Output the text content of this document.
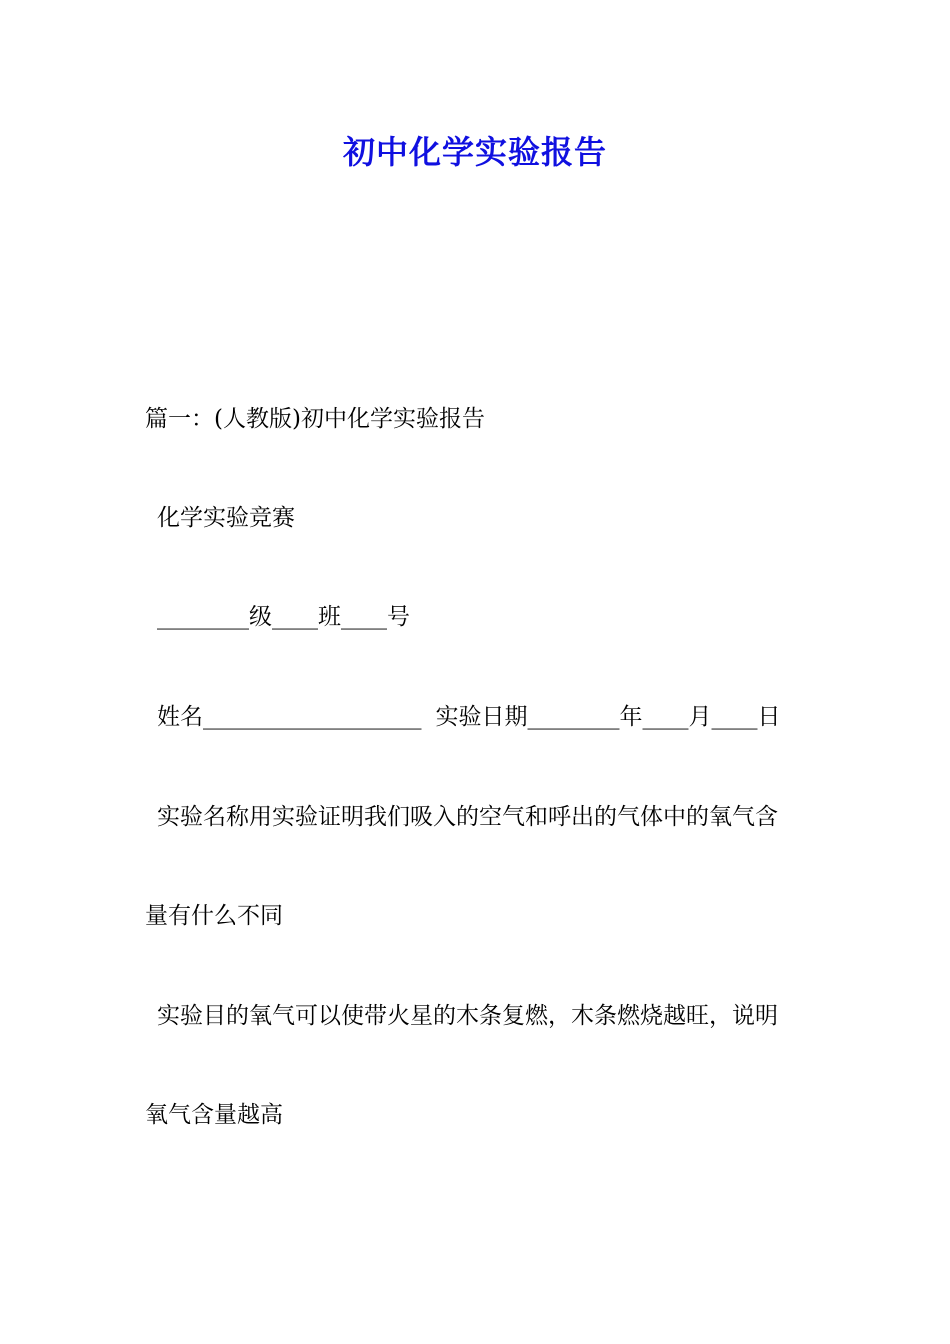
初中化学实验报告
篇一：(人教版)初中化学实验报告
化学实验竞赛
________级____班____号
姓名___________________ 实验日期________年____月____日
实验名称用实验证明我们吸入的空气和呼出的气体中的氧气含
量有什么不同
实验目的氧气可以使带火星的木条复燃，木条燃烧越旺，说明
氧气含量越高
